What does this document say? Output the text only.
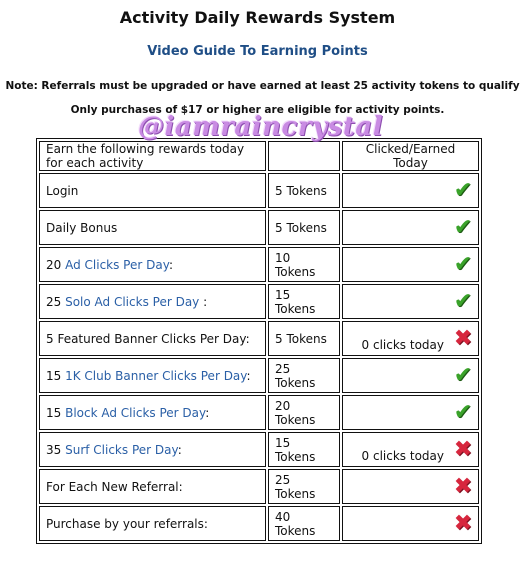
Activity Daily Rewards System
Video Guide To Earning Points
Note: Referrals must be upgraded or have earned at least 25 activity tokens to qualify
Only purchases of $17 or higher are eligible for activity points.
@iamraincrystal
Earn the following rewards today for each activity		Clicked/Earned Today
Login	5 Tokens	✔

Daily Bonus	5 Tokens	✔

20 Ad Clicks Per Day:	10 Tokens	✔

25 Solo Ad Clicks Per Day :	15 Tokens	✔

5 Featured Banner Clicks Per Day:	5 Tokens	0 clicks today ✖

15 1K Club Banner Clicks Per Day:	25 Tokens	✔

15 Block Ad Clicks Per Day:	20 Tokens	✔

35 Surf Clicks Per Day:	15 Tokens	0 clicks today ✖

For Each New Referral:	25 Tokens	✖

Purchase by your referrals:	40 Tokens	✖
